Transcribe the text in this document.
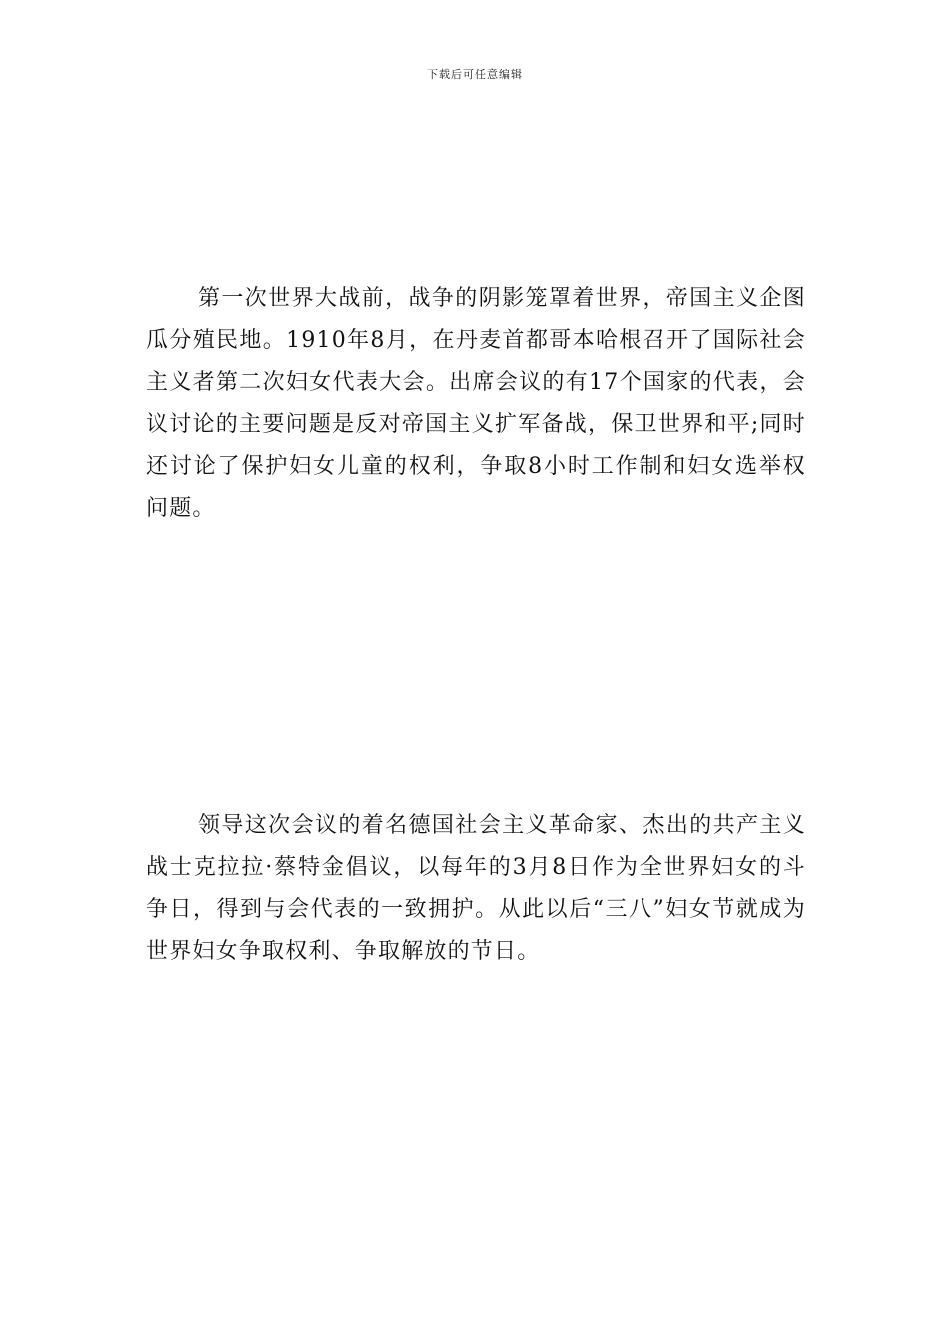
下载后可任意编辑

第一次世界大战前，战争的阴影笼罩着世界，帝国主义企图瓜分殖民地。1910年8月，在丹麦首都哥本哈根召开了国际社会主义者第二次妇女代表大会。出席会议的有17个国家的代表，会议讨论的主要问题是反对帝国主义扩军备战，保卫世界和平;同时还讨论了保护妇女儿童的权利，争取8小时工作制和妇女选举权问题。

领导这次会议的着名德国社会主义革命家、杰出的共产主义战士克拉拉·蔡特金倡议，以每年的3月8日作为全世界妇女的斗争日，得到与会代表的一致拥护。从此以后“三八”妇女节就成为世界妇女争取权利、争取解放的节日。
